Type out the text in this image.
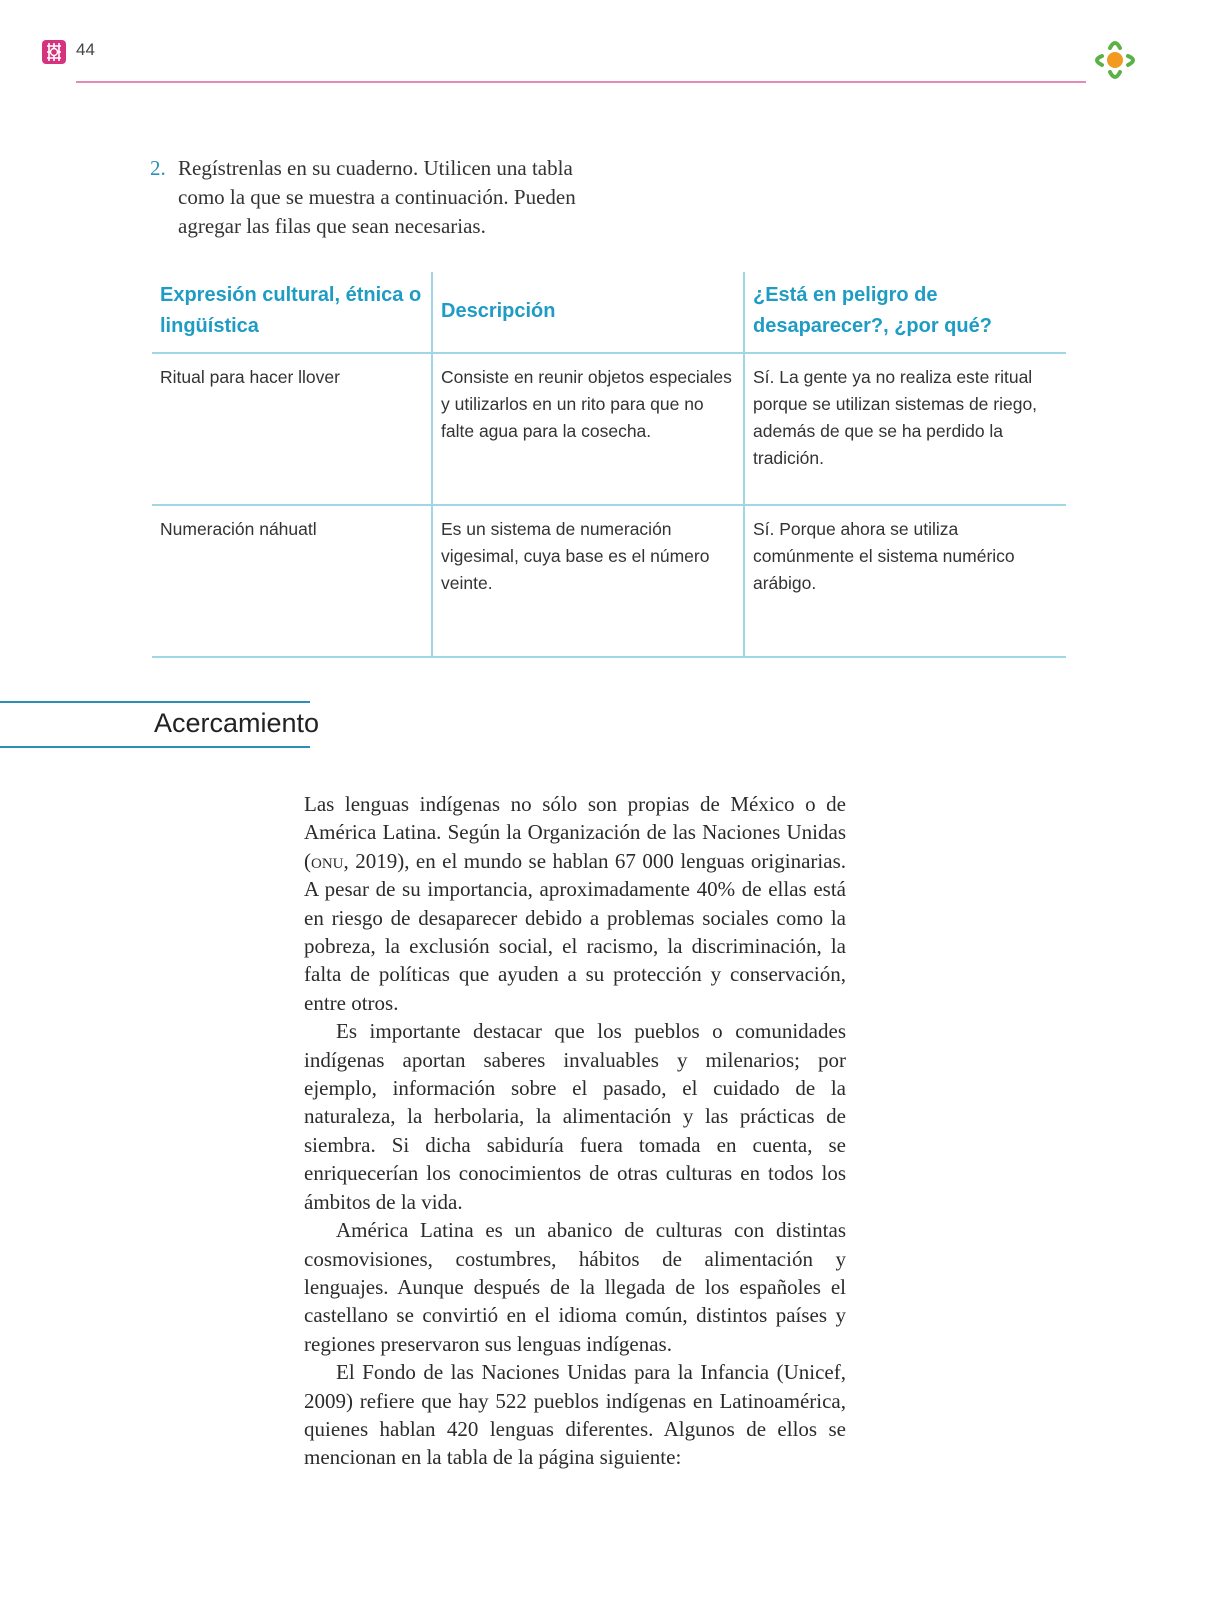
44
2. Regístrenlas en su cuaderno. Utilicen una tabla como la que se muestra a continuación. Pueden agregar las filas que sean necesarias.
Expresión cultural, étnica o lingüística	Descripción	¿Está en peligro de desaparecer?, ¿por qué?
Ritual para hacer llover	Consiste en reunir objetos especiales y utilizarlos en un rito para que no falte agua para la cosecha.	Sí. La gente ya no realiza este ritual porque se utilizan sistemas de riego, además de que se ha perdido la tradición.
Numeración náhuatl	Es un sistema de numeración vigesimal, cuya base es el número veinte.	Sí. Porque ahora se utiliza comúnmente el sistema numérico arábigo.
Acercamiento

Las lenguas indígenas no sólo son propias de México o de América Latina. Según la Organización de las Naciones Unidas (onu, 2019), en el mundo se hablan 67 000 lenguas originarias. A pesar de su importancia, aproximadamente 40% de ellas está en riesgo de desaparecer debido a problemas sociales como la pobreza, la exclusión social, el racismo, la discriminación, la falta de políticas que ayuden a su protección y conservación, entre otros.

Es importante destacar que los pueblos o comunidades indígenas aportan saberes invaluables y milenarios; por ejemplo, información sobre el pasado, el cuidado de la naturaleza, la herbolaria, la alimentación y las prácticas de siembra. Si dicha sabiduría fuera tomada en cuenta, se enriquecerían los conocimientos de otras culturas en todos los ámbitos de la vida.

América Latina es un abanico de culturas con distintas cosmovisiones, costumbres, hábitos de alimentación y lenguajes. Aunque después de la llegada de los españoles el castellano se convirtió en el idioma común, distintos países y regiones preservaron sus lenguas indígenas.

El Fondo de las Naciones Unidas para la Infancia (Unicef, 2009) refiere que hay 522 pueblos indígenas en Latinoamérica, quienes hablan 420 lenguas diferentes. Algunos de ellos se mencionan en la tabla de la página siguiente:
